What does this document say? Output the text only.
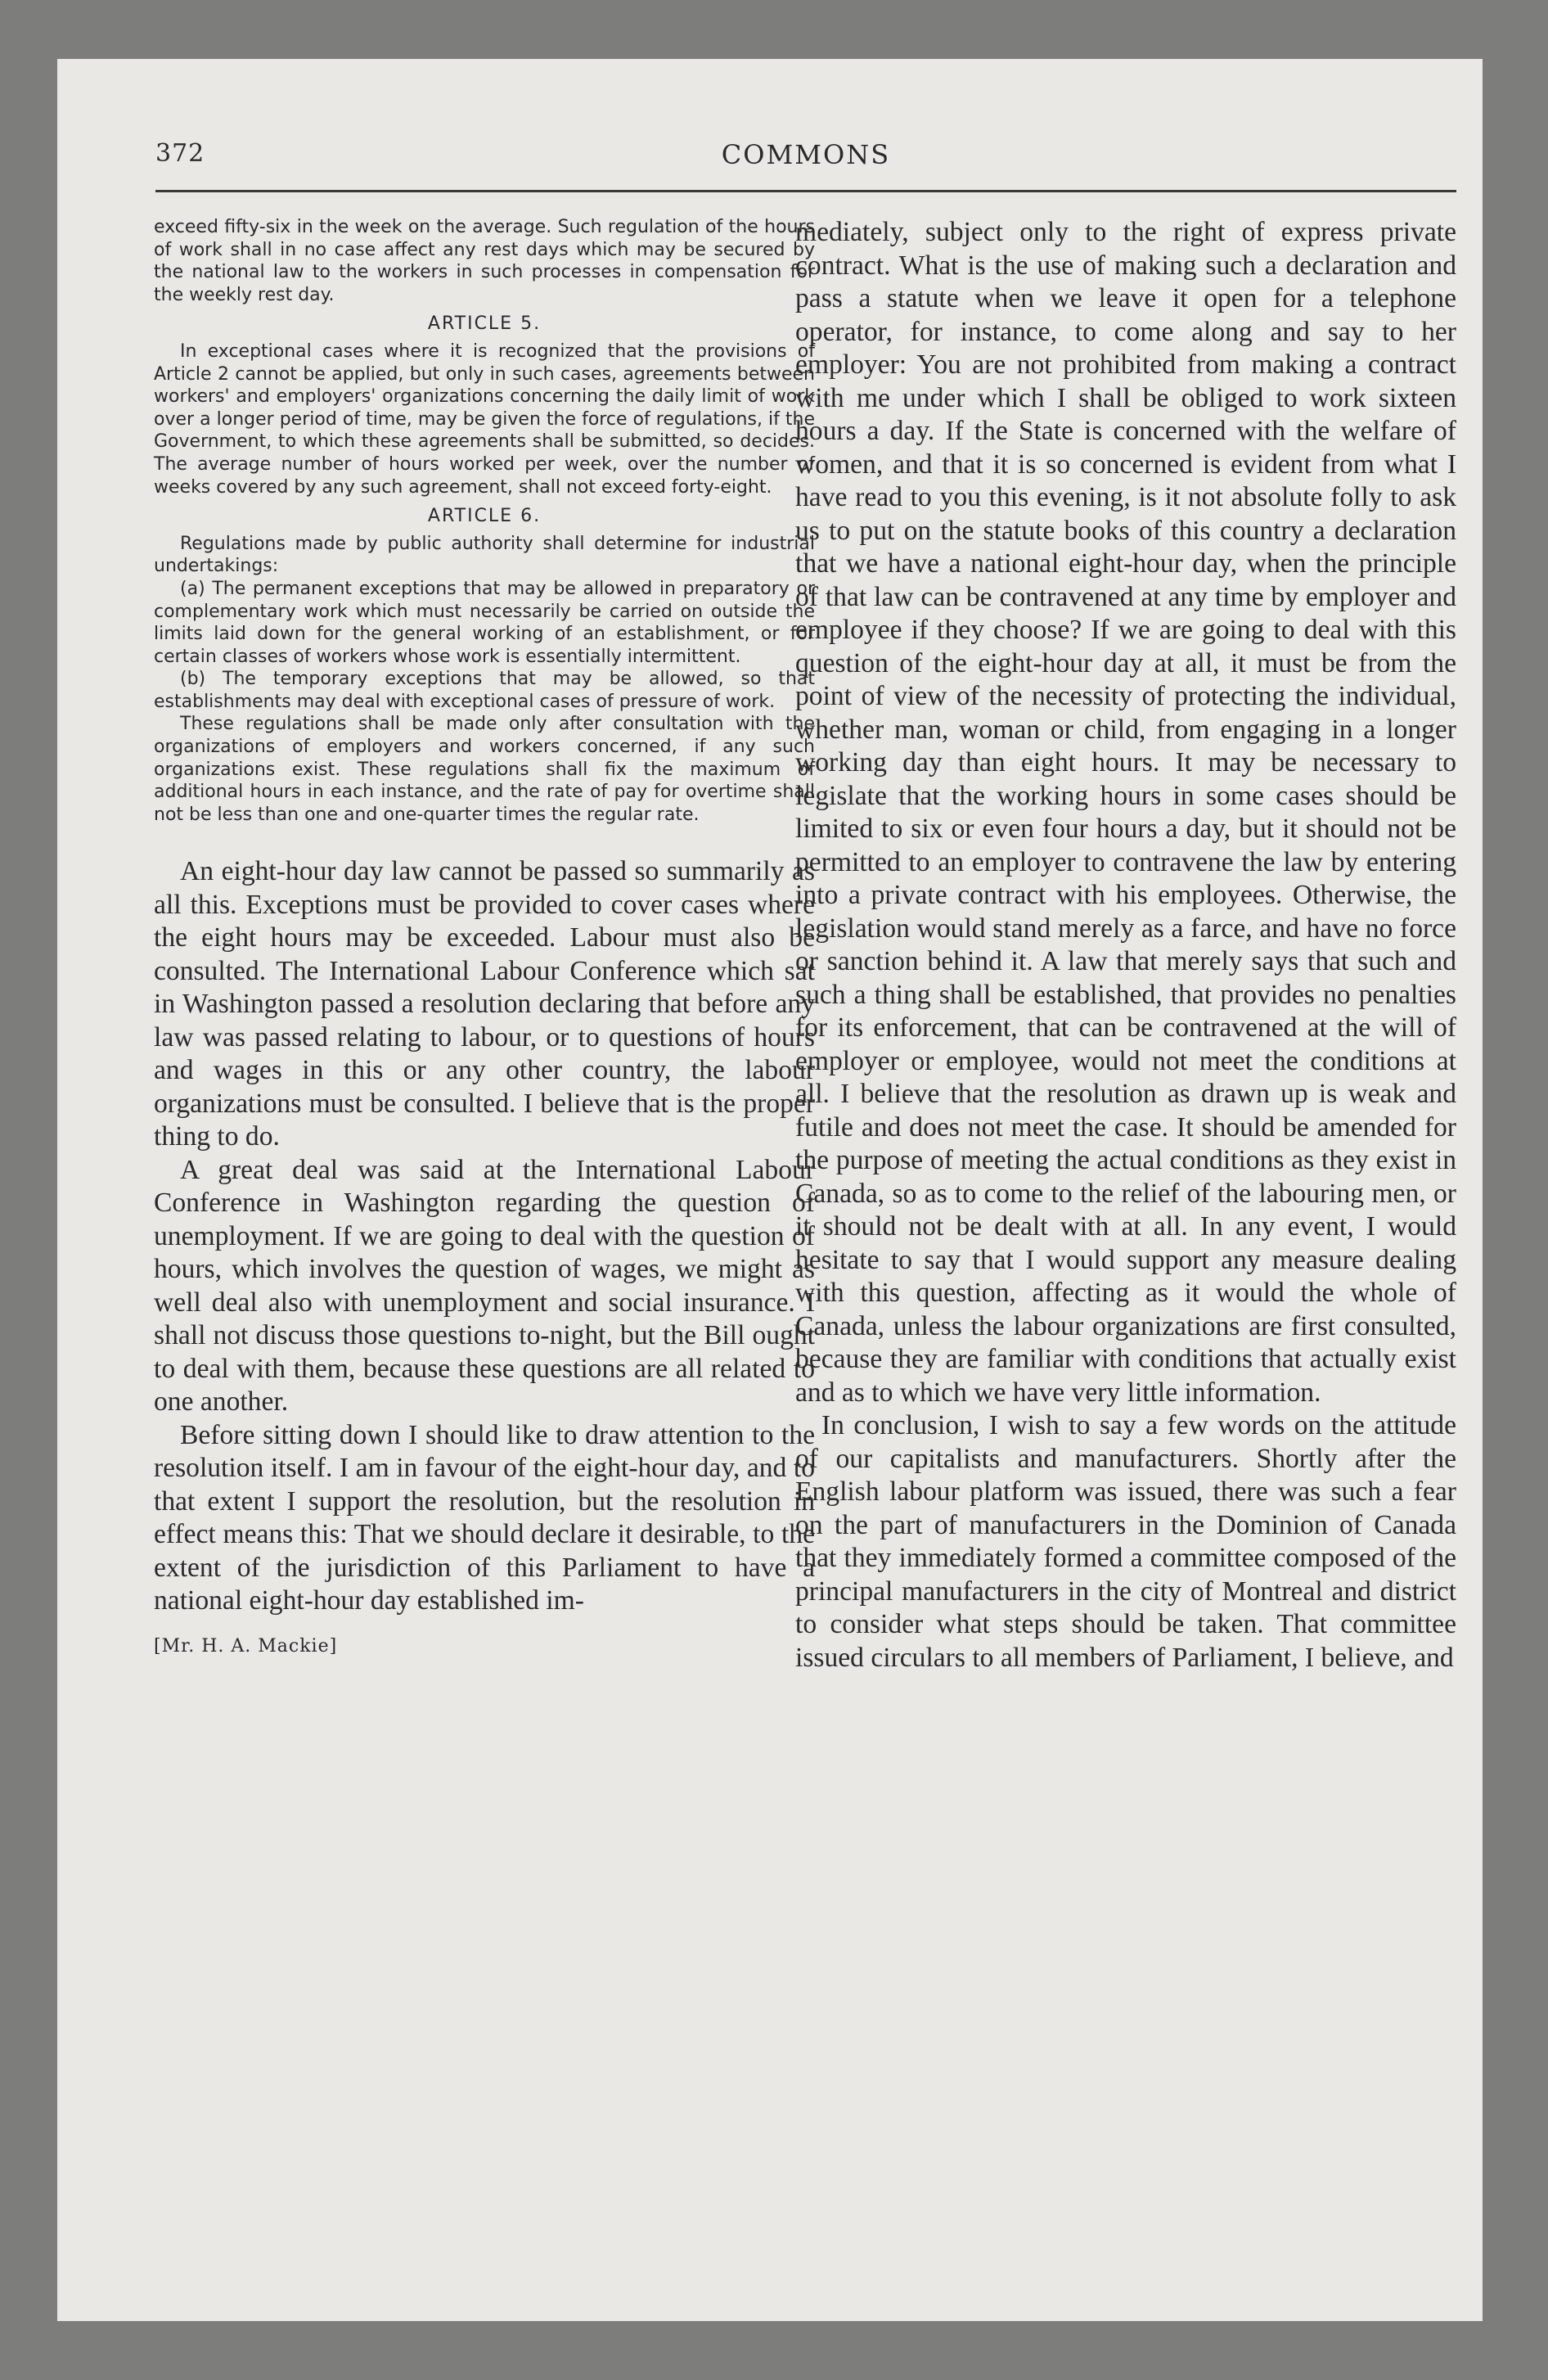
372	COMMONS

exceed fifty-six in the week on the average. Such regulation of the hours of work shall in no case affect any rest days which may be secured by the national law to the workers in such processes in compensation for the weekly rest day.

ARTICLE 5.

In exceptional cases where it is recognized that the provisions of Article 2 cannot be applied, but only in such cases, agreements between workers' and employers' organizations concerning the daily limit of work over a longer period of time, may be given the force of regulations, if the Government, to which these agreements shall be submitted, so decides. The average number of hours worked per week, over the number of weeks covered by any such agreement, shall not exceed forty-eight.

ARTICLE 6.

Regulations made by public authority shall determine for industrial undertakings:

(a) The permanent exceptions that may be allowed in preparatory or complementary work which must necessarily be carried on outside the limits laid down for the general working of an establishment, or for certain classes of workers whose work is essentially intermittent.

(b) The temporary exceptions that may be allowed, so that establishments may deal with exceptional cases of pressure of work.

These regulations shall be made only after consultation with the organizations of employers and workers concerned, if any such organizations exist. These regulations shall fix the maximum of additional hours in each instance, and the rate of pay for overtime shall not be less than one and one-quarter times the regular rate.

An eight-hour day law cannot be passed so summarily as all this. Exceptions must be provided to cover cases where the eight hours may be exceeded. Labour must also be consulted. The International Labour Conference which sat in Washington passed a resolution declaring that before any law was passed relating to labour, or to questions of hours and wages in this or any other country, the labour organizations must be consulted. I believe that is the proper thing to do.

A great deal was said at the International Labour Conference in Washington regarding the question of unemployment. If we are going to deal with the question of hours, which involves the question of wages, we might as well deal also with unemployment and social insurance. I shall not discuss those questions to-night, but the Bill ought to deal with them, because these questions are all related to one another.

Before sitting down I should like to draw attention to the resolution itself. I am in favour of the eight-hour day, and to that extent I support the resolution, but the resolution in effect means this: That we should declare it desirable, to the extent of the jurisdiction of this Parliament to have a national eight-hour day established im-

[Mr. H. A. Mackie]

mediately, subject only to the right of express private contract. What is the use of making such a declaration and pass a statute when we leave it open for a telephone operator, for instance, to come along and say to her employer: You are not prohibited from making a contract with me under which I shall be obliged to work sixteen hours a day. If the State is concerned with the welfare of women, and that it is so concerned is evident from what I have read to you this evening, is it not absolute folly to ask us to put on the statute books of this country a declaration that we have a national eight-hour day, when the principle of that law can be contravened at any time by employer and employee if they choose? If we are going to deal with this question of the eight-hour day at all, it must be from the point of view of the necessity of protecting the individual, whether man, woman or child, from engaging in a longer working day than eight hours. It may be necessary to legislate that the working hours in some cases should be limited to six or even four hours a day, but it should not be permitted to an employer to contravene the law by entering into a private contract with his employees. Otherwise, the legislation would stand merely as a farce, and have no force or sanction behind it. A law that merely says that such and such a thing shall be established, that provides no penalties for its enforcement, that can be contravened at the will of employer or employee, would not meet the conditions at all. I believe that the resolution as drawn up is weak and futile and does not meet the case. It should be amended for the purpose of meeting the actual conditions as they exist in Canada, so as to come to the relief of the labouring men, or it should not be dealt with at all. In any event, I would hesitate to say that I would support any measure dealing with this question, affecting as it would the whole of Canada, unless the labour organizations are first consulted, because they are familiar with conditions that actually exist and as to which we have very little information.

In conclusion, I wish to say a few words on the attitude of our capitalists and manufacturers. Shortly after the English labour platform was issued, there was such a fear on the part of manufacturers in the Dominion of Canada that they immediately formed a committee composed of the principal manufacturers in the city of Montreal and district to consider what steps should be taken. That committee issued circulars to all members of Parliament, I believe, and
